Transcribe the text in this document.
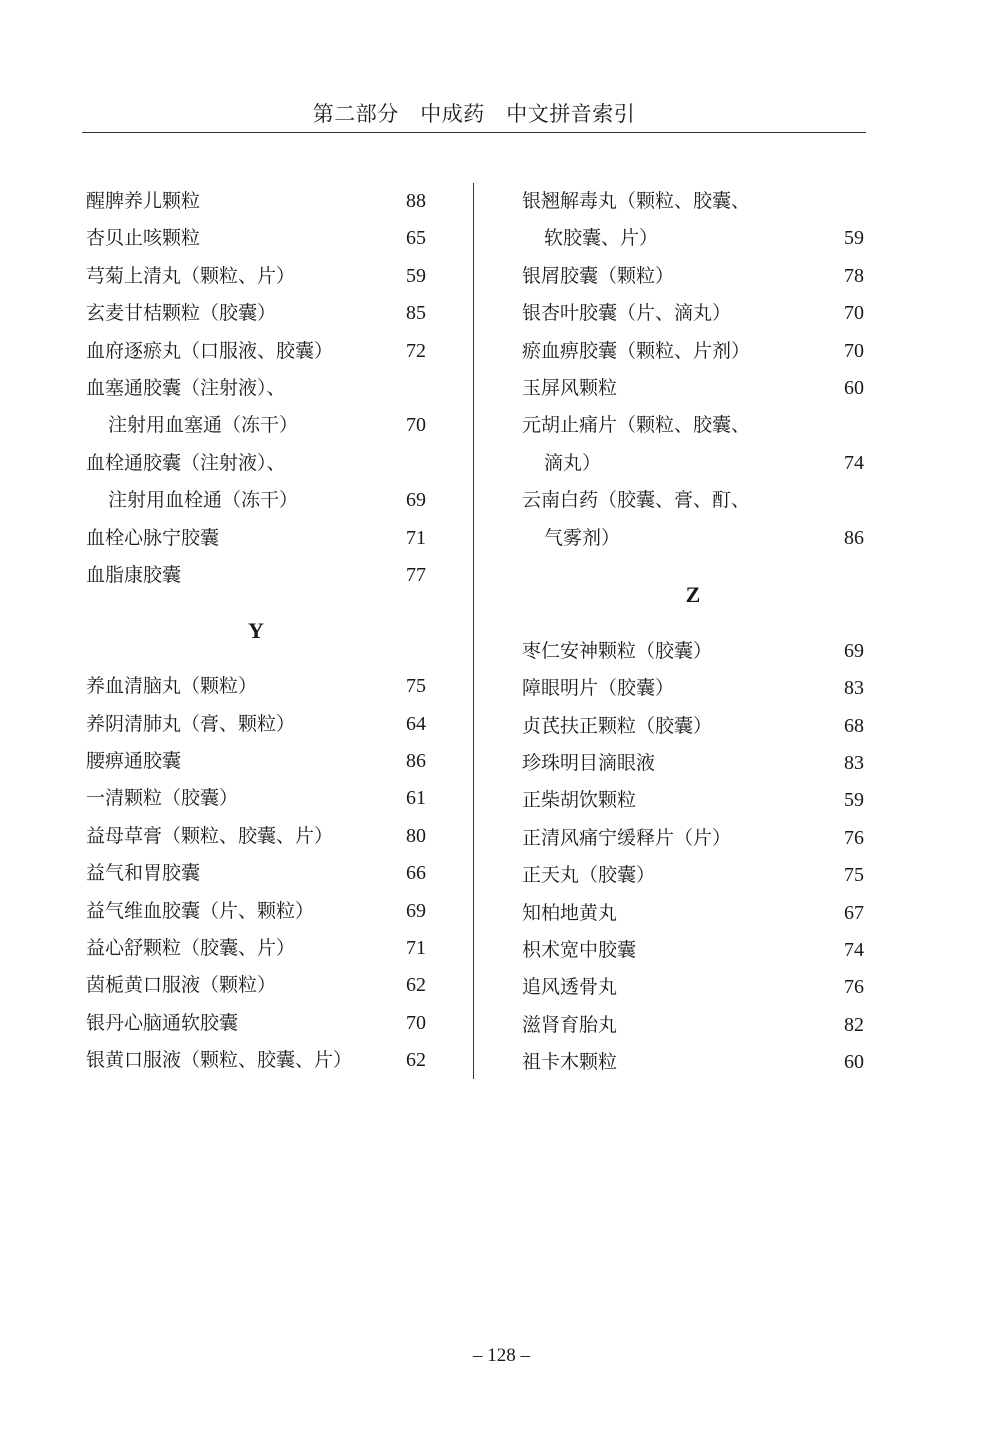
第二部分　中成药　中文拼音索引
醒脾养儿颗粒	88
杏贝止咳颗粒	65
芎菊上清丸（颗粒、片）	59
玄麦甘桔颗粒（胶囊）	85
血府逐瘀丸（口服液、胶囊）	72
血塞通胶囊（注射液）、
注射用血塞通（冻干）	70
血栓通胶囊（注射液）、
注射用血栓通（冻干）	69
血栓心脉宁胶囊	71
血脂康胶囊	77
Y
养血清脑丸（颗粒）	75
养阴清肺丸（膏、颗粒）	64
腰痹通胶囊	86
一清颗粒（胶囊）	61
益母草膏（颗粒、胶囊、片）	80
益气和胃胶囊	66
益气维血胶囊（片、颗粒）	69
益心舒颗粒（胶囊、片）	71
茵栀黄口服液（颗粒）	62
银丹心脑通软胶囊	70
银黄口服液（颗粒、胶囊、片）	62
银翘解毒丸（颗粒、胶囊、
软胶囊、片）	59
银屑胶囊（颗粒）	78
银杏叶胶囊（片、滴丸）	70
瘀血痹胶囊（颗粒、片剂）	70
玉屏风颗粒	60
元胡止痛片（颗粒、胶囊、
滴丸）	74
云南白药（胶囊、膏、酊、
气雾剂）	86
Z
枣仁安神颗粒（胶囊）	69
障眼明片（胶囊）	83
贞芪扶正颗粒（胶囊）	68
珍珠明目滴眼液	83
正柴胡饮颗粒	59
正清风痛宁缓释片（片）	76
正天丸（胶囊）	75
知柏地黄丸	67
枳术宽中胶囊	74
追风透骨丸	76
滋肾育胎丸	82
祖卡木颗粒	60
– 128 –
